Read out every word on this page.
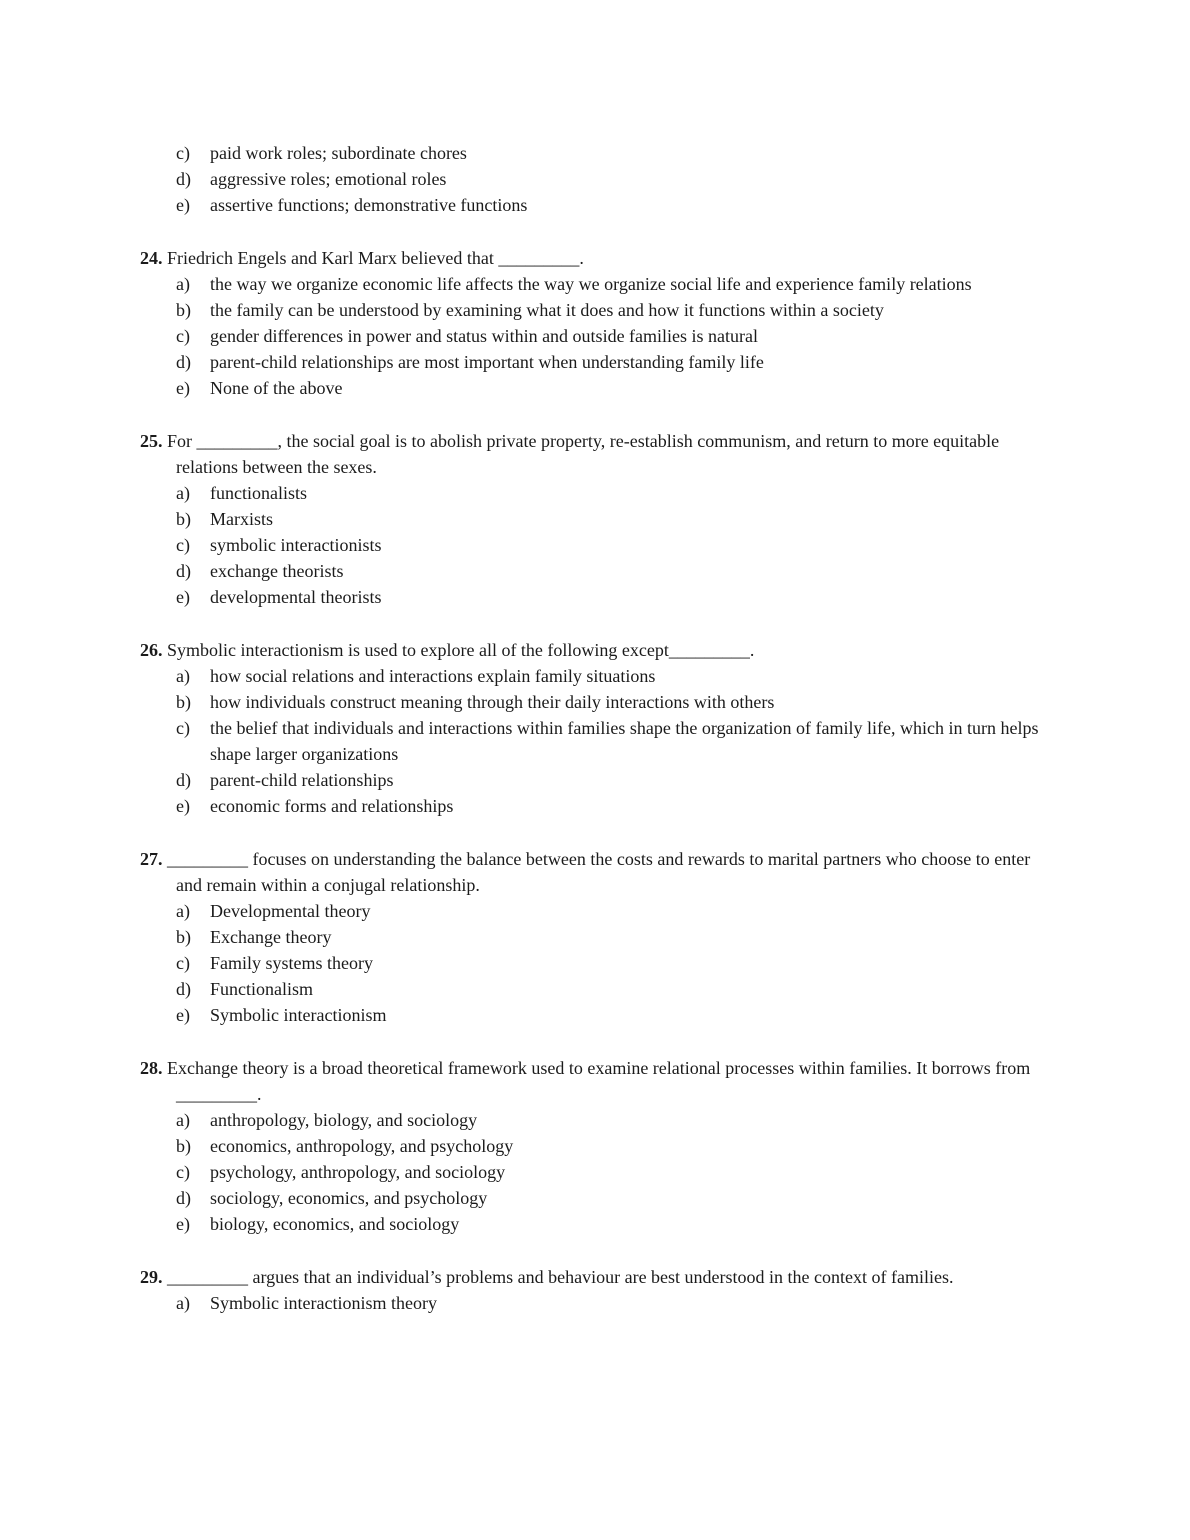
c)	paid work roles; subordinate chores
d)	aggressive roles; emotional roles
e)	assertive functions; demonstrative functions
24. Friedrich Engels and Karl Marx believed that _________.
a)	the way we organize economic life affects the way we organize social life and experience family relations
b)	the family can be understood by examining what it does and how it functions within a society
c)	gender differences in power and status within and outside families is natural
d)	parent-child relationships are most important when understanding family life
e)	None of the above
25. For _________, the social goal is to abolish private property, re-establish communism, and return to more equitable relations between the sexes.
a)	functionalists
b)	Marxists
c)	symbolic interactionists
d)	exchange theorists
e)	developmental theorists
26. Symbolic interactionism is used to explore all of the following except_________.
a)	how social relations and interactions explain family situations
b)	how individuals construct meaning through their daily interactions with others
c)	the belief that individuals and interactions within families shape the organization of family life, which in turn helps shape larger organizations
d)	parent-child relationships
e)	economic forms and relationships
27. _________ focuses on understanding the balance between the costs and rewards to marital partners who choose to enter and remain within a conjugal relationship.
a)	Developmental theory
b)	Exchange theory
c)	Family systems theory
d)	Functionalism
e)	Symbolic interactionism
28. Exchange theory is a broad theoretical framework used to examine relational processes within families. It borrows from _________.
a)	anthropology, biology, and sociology
b)	economics, anthropology, and psychology
c)	psychology, anthropology, and sociology
d)	sociology, economics, and psychology
e)	biology, economics, and sociology
29. _________ argues that an individual’s problems and behaviour are best understood in the context of families.
a)	Symbolic interactionism theory
